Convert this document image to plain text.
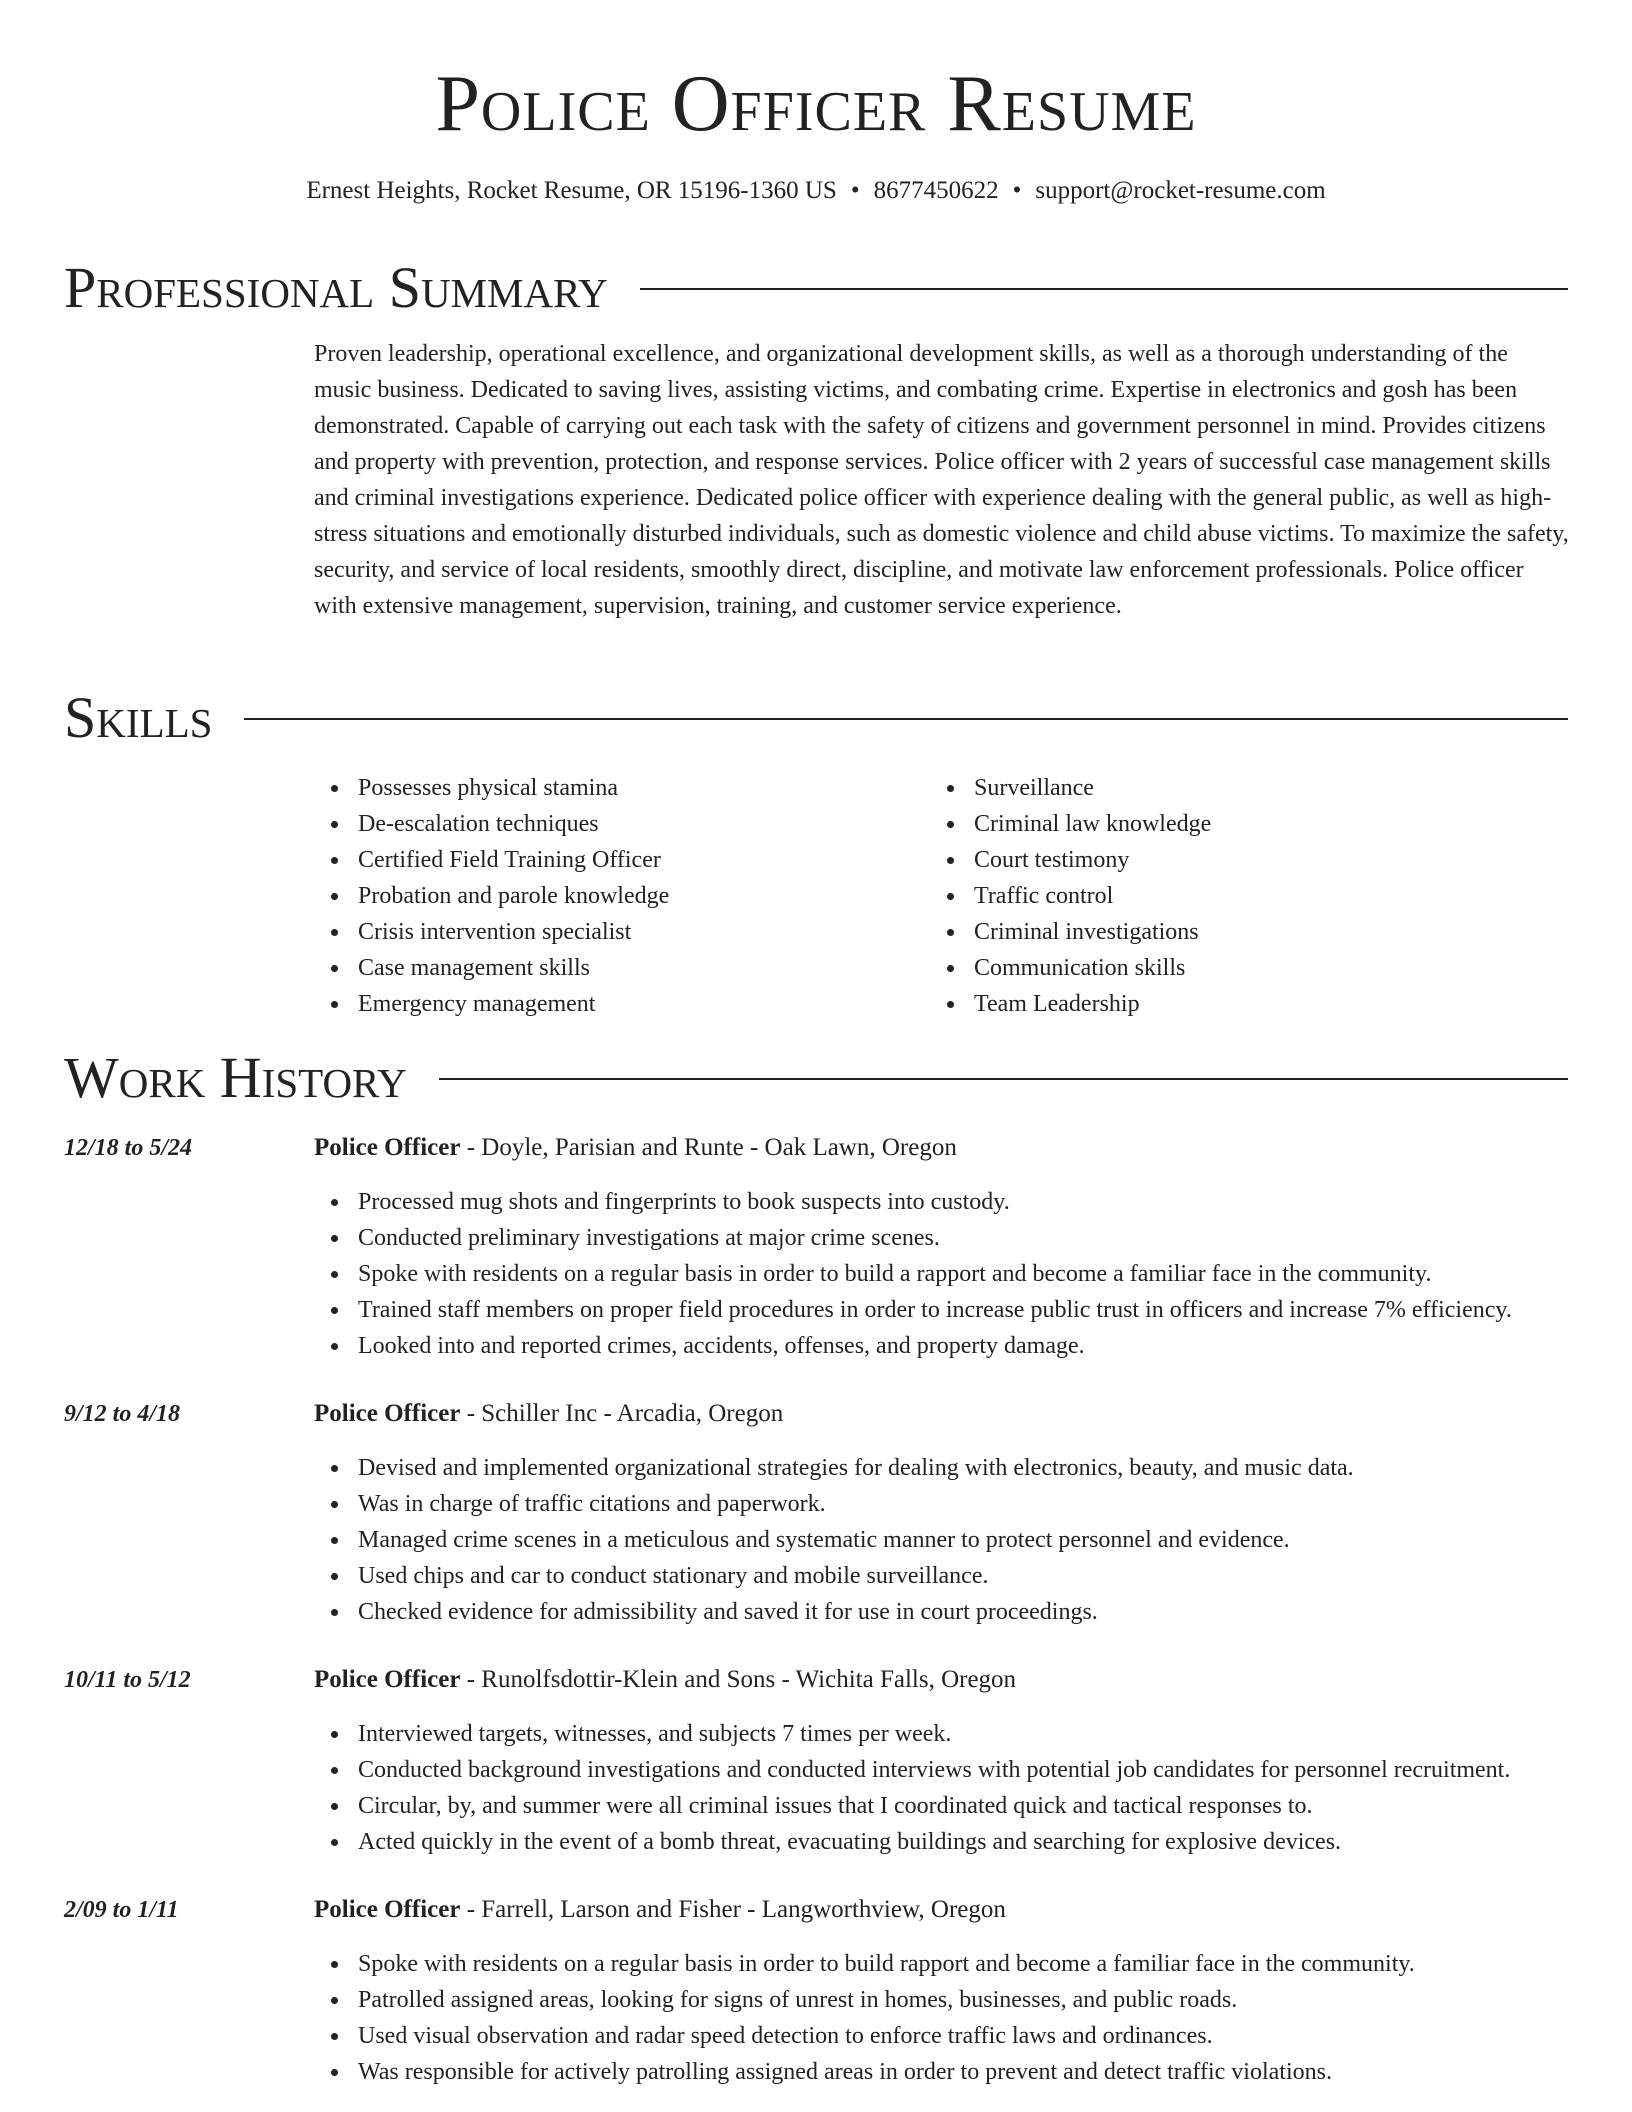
Police Officer Resume
Ernest Heights, Rocket Resume, OR 15196-1360 US • 8677450622 • support@rocket-resume.com
Professional Summary

Proven leadership, operational excellence, and organizational development skills, as well as a thorough understanding of the music business. Dedicated to saving lives, assisting victims, and combating crime. Expertise in electronics and gosh has been demonstrated. Capable of carrying out each task with the safety of citizens and government personnel in mind. Provides citizens and property with prevention, protection, and response services. Police officer with 2 years of successful case management skills and criminal investigations experience. Dedicated police officer with experience dealing with the general public, as well as high-stress situations and emotionally disturbed individuals, such as domestic violence and child abuse victims. To maximize the safety, security, and service of local residents, smoothly direct, discipline, and motivate law enforcement professionals. Police officer with extensive management, supervision, training, and customer service experience.

Skills
Possesses physical stamina
De-escalation techniques
Certified Field Training Officer
Probation and parole knowledge
Crisis intervention specialist
Case management skills
Emergency management
Surveillance
Criminal law knowledge
Court testimony
Traffic control
Criminal investigations
Communication skills
Team Leadership
Work History
12/18 to 5/24	Police Officer - Doyle, Parisian and Runte - Oak Lawn, Oregon
Processed mug shots and fingerprints to book suspects into custody.
Conducted preliminary investigations at major crime scenes.
Spoke with residents on a regular basis in order to build a rapport and become a familiar face in the community.
Trained staff members on proper field procedures in order to increase public trust in officers and increase 7% efficiency.
Looked into and reported crimes, accidents, offenses, and property damage.
9/12 to 4/18	Police Officer - Schiller Inc - Arcadia, Oregon
Devised and implemented organizational strategies for dealing with electronics, beauty, and music data.
Was in charge of traffic citations and paperwork.
Managed crime scenes in a meticulous and systematic manner to protect personnel and evidence.
Used chips and car to conduct stationary and mobile surveillance.
Checked evidence for admissibility and saved it for use in court proceedings.
10/11 to 5/12	Police Officer - Runolfsdottir-Klein and Sons - Wichita Falls, Oregon
Interviewed targets, witnesses, and subjects 7 times per week.
Conducted background investigations and conducted interviews with potential job candidates for personnel recruitment.
Circular, by, and summer were all criminal issues that I coordinated quick and tactical responses to.
Acted quickly in the event of a bomb threat, evacuating buildings and searching for explosive devices.
2/09 to 1/11	Police Officer - Farrell, Larson and Fisher - Langworthview, Oregon
Spoke with residents on a regular basis in order to build rapport and become a familiar face in the community.
Patrolled assigned areas, looking for signs of unrest in homes, businesses, and public roads.
Used visual observation and radar speed detection to enforce traffic laws and ordinances.
Was responsible for actively patrolling assigned areas in order to prevent and detect traffic violations.
